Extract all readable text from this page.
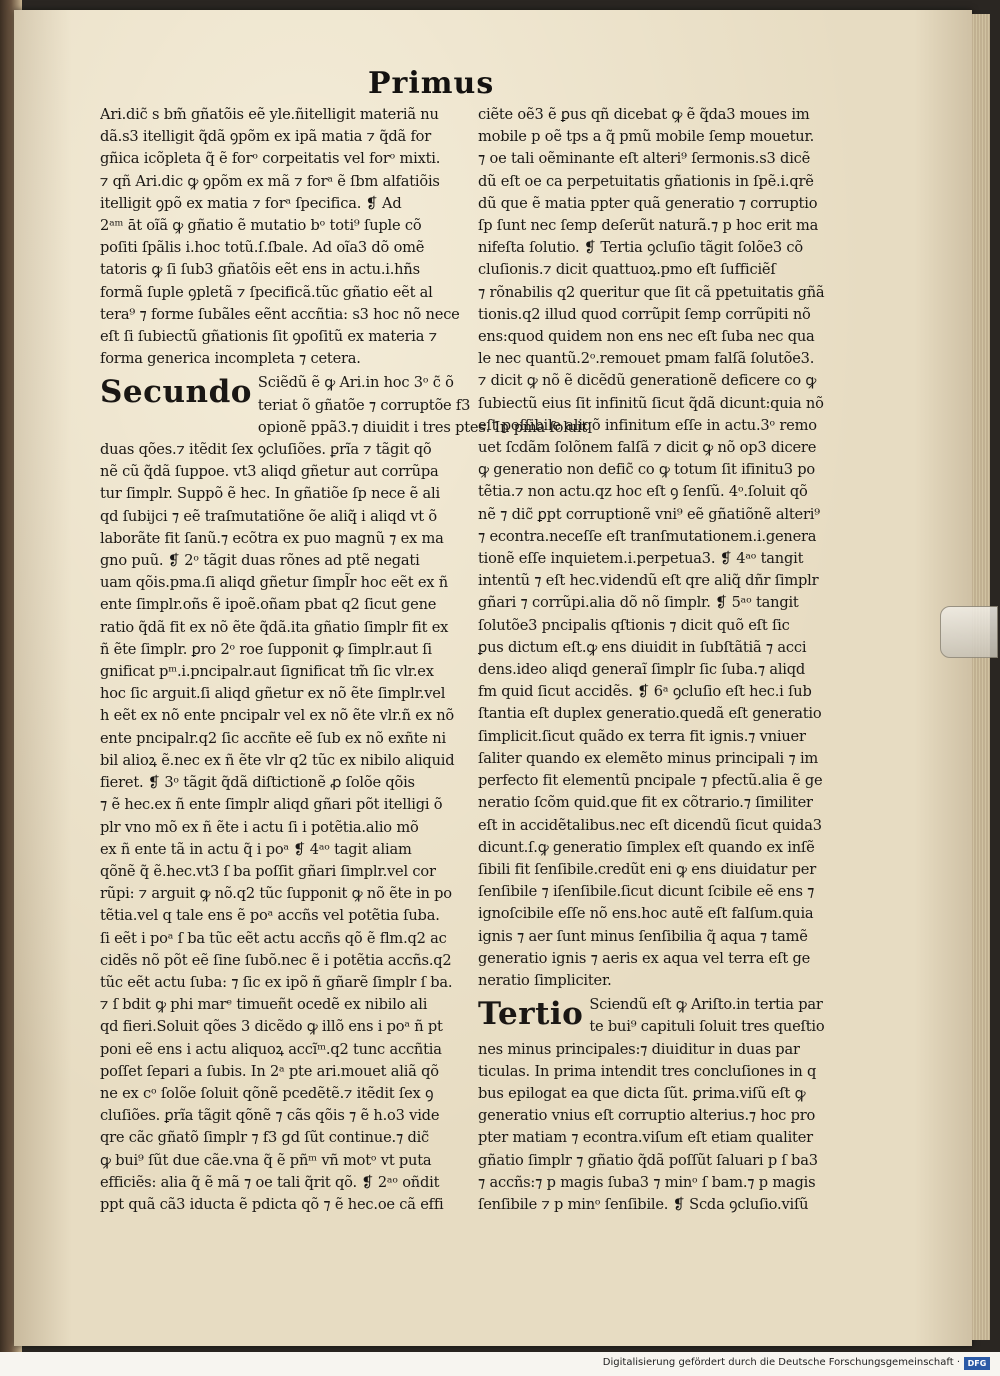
Primus
Ari.dic̃ s bm̃ gñatõis eẽ yle.ñitelligit materiã nu
dã.s3 itelligit q̃dã ꝯpõm ex ipã matia ⁊ q̃dã for
gñica icõpleta q̃ ẽ forᵒ corpeitatis vel forᵒ mixti.
⁊ qñ Ari.dic ꝙ ꝯpõm ex mã ⁊ forᵃ ẽ ſbm alfatiõis
itelligit ꝯpõ ex matia ⁊ forᵃ ſpecifica. ❡ Ad
2ᵃᵐ āt oĩã ꝙ gñatio ẽ mutatio bᵒ toti⁹ ſuple cõ
poſiti ſpãlis i.hoc totũ.ſ.ſbale. Ad oĩa3 dõ omẽ
tatoris ꝙ ſi ſub3 gñatõis eẽt ens in actu.i.hñs
formã ſuple ꝯpletã ⁊ ſpecificã.tũc gñatio eẽt al
tera⁹ ⁊ forme ſubãles eẽnt accñtia: s3 hoc nõ nece
eſt ſi ſubiectũ gñationis ſit ꝯpoſitũ ex materia ⁊
forma generica incompleta ⁊ cetera.
Secundo Sciẽdũ ẽ ꝙ Ari.in hoc 3ᵒ c̃ õ
teriat õ gñatõe ⁊ corruptõe f3
opionẽ ppã3.⁊ diuidit i tres ptes. In pma ſoluit
duas qões.⁊ itẽdit ſex ꝯcluſiões. ꝑrĩa ⁊ tãgit qõ
nẽ cũ q̃dã ſuppoe. vt3 aliqd gñetur aut corrũpa
tur ſimplr. Suppõ ẽ hec. In gñatiõe ſp nece ẽ ali
qd ſubijci ⁊ eẽ traſmutatiõne õe aliq̃ i aliqd vt õ
laborãte fit ſanũ.⁊ ecõtra ex puo magnũ ⁊ ex ma
gno puũ. ❡ 2ᵒ tãgit duas rõnes ad ptẽ negati
uam qõis.pma.ſi aliqd gñetur ſimpl̃r hoc eẽt ex ñ
ente ſimplr.oñs ẽ ipoẽ.oñam pbat q2 ſicut gene
ratio q̃dã fit ex nõ ẽte q̃dã.ita gñatio ſimplr fit ex
ñ ẽte ſimplr. ꝑro 2ᵒ roe ſupponit ꝙ ſimplr.aut ſi
gnificat pᵐ.i.pncipalr.aut ſignificat tm̃ ſic vlr.ex
hoc ſic arguit.ſi aliqd gñetur ex nõ ẽte ſimplr.vel
h eẽt ex nõ ente pncipalr vel ex nõ ẽte vlr.ñ ex nõ
ente pncipalr.q2 ſic accñte eẽ ſub ex nõ exñte ni
bil alioꝝ ẽ.nec ex ñ ẽte vlr q2 tũc ex nibilo aliquid
fieret. ❡ 3ᵒ tãgit q̃dã diſtictionẽ ꝓ ſolõe qõis
⁊ ẽ hec.ex ñ ente ſimplr aliqd gñari põt itelligi õ
plr vno mõ ex ñ ẽte i actu ſi i potẽtia.alio mõ
ex ñ ente tã in actu q̃ i poᵃ ❡ 4ᵃᵒ tagit aliam
qõnẽ q̃ ẽ.hec.vt3 ſ ba poſſit gñari ſimplr.vel cor
rũpi: ⁊ arguit ꝙ nõ.q2 tũc ſupponit ꝙ nõ ẽte in po
tẽtia.vel q tale ens ẽ poᵃ accñs vel potẽtia ſuba.
ſi eẽt i poᵃ ſ ba tũc eẽt actu accñs qõ ẽ flm.q2 ac
cidẽs nõ põt eẽ ſine ſubõ.nec ẽ i potẽtia accñs.q2
tũc eẽt actu ſuba: ⁊ ſic ex ipõ ñ gñarẽ ſimplr ſ ba.
⁊ ſ bdit ꝙ phi marᵉ timueñt ocedẽ ex nibilo ali
qd fieri.Soluit qões 3 dicẽdo ꝙ illõ ens i poᵃ ñ pt
poni eẽ ens i actu aliquoꝝ accĩᵐ.q2 tunc accñtia
poſſet ſepari a ſubis. In 2ᵃ pte ari.mouet aliã qõ
ne ex cᵒ ſolõe ſoluit qõnẽ pcedẽtẽ.⁊ itẽdit ſex ꝯ
cluſiões. ꝑrĩa tãgit qõnẽ ⁊ cãs qõis ⁊ ẽ h.o3 vide
qre cãc gñatõ ſimplr ⁊ f3 gd ſũt continue.⁊ dic̃
ꝙ bui⁹ ſũt due cãe.vna q̃ ẽ pñᵐ vñ motᵒ vt puta
efficiẽs: alia q̃ ẽ mã ⁊ oe tali q̃rit qõ. ❡ 2ᵃᵒ oñdit
ppt quã cã3 iducta ẽ pdicta qõ ⁊ ẽ hec.oe cã effi
ciẽte oẽ3 ẽ ꝑus qñ dicebat ꝙ ẽ q̃da3 moues im
mobile p oẽ tps a q̃ pmũ mobile ſemp mouetur.
⁊ oe tali oẽminante eſt alteri⁹ ſermonis.s3 dicẽ
dũ eſt oe ca perpetuitatis gñationis in ſpẽ.i.qrẽ
dũ que ẽ matia ppter quã generatio ⁊ corruptio
ſp ſunt nec ſemp deſerũt naturã.⁊ p hoc erit ma
nifeſta ſolutio. ❡ Tertia ꝯcluſio tãgit ſolõe3 cõ
cluſionis.⁊ dicit quattuoꝝ.pmo eſt ſufficiẽſ
⁊ rõnabilis q2 queritur que ſit cã ppetuitatis gñã
tionis.q2 illud quod corrũpit ſemp corrũpiti nõ
ens:quod quidem non ens nec eſt ſuba nec qua
le nec quantũ.2ᵒ.remouet pmam falſã ſolutõe3.
⁊ dicit ꝙ nõ ẽ dicẽdũ generationẽ deficere co ꝙ
ſubiectũ eius ſit infinitũ ſicut q̃dã dicunt:quia nõ
eſt poſſibile aliqõ infinitum eſſe in actu.3ᵒ remo
uet ſcdãm ſolõnem falſã ⁊ dicit ꝙ nõ op3 dicere
ꝙ generatio non defic̃ co ꝙ totum ſit ifinitu3 po
tẽtia.⁊ non actu.qz hoc eſt ꝯ ſenſũ. 4ᵒ.ſoluit qõ
nẽ ⁊ dic̃ ꝑpt corruptionẽ vni⁹ eẽ gñatiõnẽ alteri⁹
⁊ econtra.neceſſe eſt tranſmutationem.i.genera
tionẽ eſſe inquietem.i.perpetua3. ❡ 4ᵃᵒ tangit
intentũ ⁊ eſt hec.videndũ eſt qre aliq̃ dñr ſimplr
gñari ⁊ corrũpi.alia dõ nõ ſimplr. ❡ 5ᵃᵒ tangit
ſolutõe3 pncipalis qſtionis ⁊ dicit quõ eſt ſic
ꝑus dictum eſt.ꝙ ens diuidit in ſubſtãtiã ⁊ acci
dens.ideo aliqd generaĩ ſimplr ſic ſuba.⁊ aliqd
fm quid ſicut accidẽs. ❡ 6ᵃ ꝯcluſio eſt hec.i ſub
ſtantia eſt duplex generatio.quedã eſt generatio
ſimplicit.ſicut quãdo ex terra fit ignis.⁊ vniuer
ſaliter quando ex elemẽto minus principali ⁊ im
perfecto fit elementũ pncipale ⁊ pfectũ.alia ẽ ge
neratio ſcõm quid.que fit ex cõtrario.⁊ ſimiliter
eſt in accidẽtalibus.nec eſt dicendũ ſicut quida3
dicunt.ſ.ꝙ generatio ſimplex eſt quando ex inſẽ
ſibili fit ſenſibile.credũt eni ꝙ ens diuidatur per
ſenſibile ⁊ iſenſibile.ſicut dicunt ſcibile eẽ ens ⁊
ignoſcibile eſſe nõ ens.hoc autẽ eſt falſum.quia
ignis ⁊ aer ſunt minus ſenſibilia q̃ aqua ⁊ tamẽ
generatio ignis ⁊ aeris ex aqua vel terra eſt ge
neratio ſimpliciter.
Tertio Sciendũ eſt ꝙ Ariſto.in tertia par
te bui⁹ capituli ſoluit tres queſtio
nes minus principales:⁊ diuiditur in duas par
ticulas. In prima intendit tres concluſiones in q
bus epilogat ea que dicta ſũt. ꝑrima.viſũ eſt ꝙ
generatio vnius eſt corruptio alterius.⁊ hoc pro
pter matiam ⁊ econtra.viſum eſt etiam qualiter
gñatio ſimplr ⁊ gñatio q̃dã poſſũt ſaluari p ſ ba3
⁊ accñs:⁊ p magis ſuba3 ⁊ minᵒ ſ bam.⁊ p magis
ſenſibile ⁊ p minᵒ ſenſibile. ❡ Scda ꝯcluſio.viſũ
Digitalisierung gefördert durch die Deutsche Forschungsgemeinschaft · DFG
